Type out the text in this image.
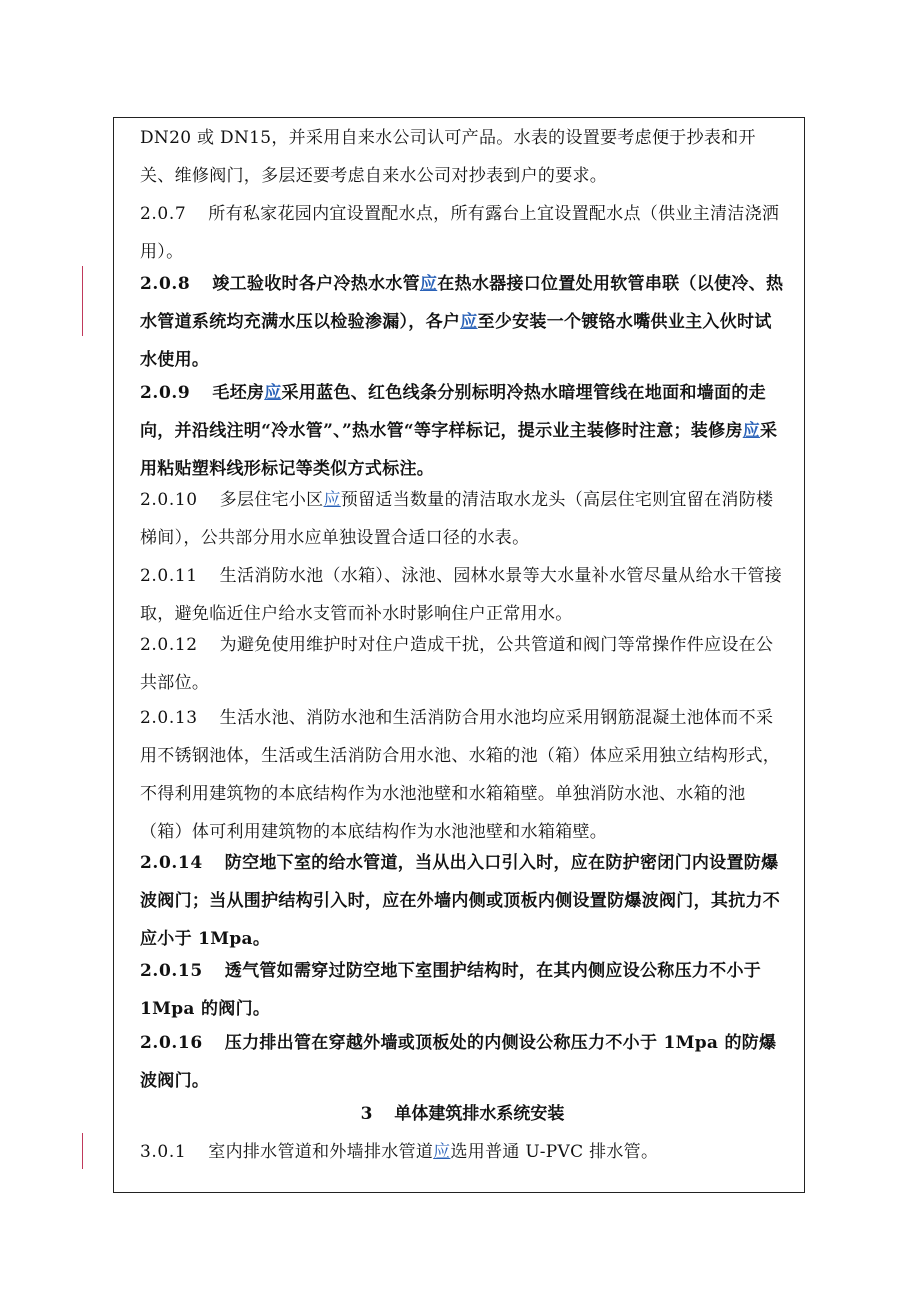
DN20 或 DN15，并采用自来水公司认可产品。水表的设置要考虑便于抄表和开关、维修阀门，多层还要考虑自来水公司对抄表到户的要求。
2.0.7 所有私家花园内宜设置配水点，所有露台上宜设置配水点（供业主清洁浇洒用）。
2.0.8 竣工验收时各户冷热水水管应在热水器接口位置处用软管串联（以使冷、热水管道系统均充满水压以检验渗漏），各户应至少安装一个镀铬水嘴供业主入伙时试水使用。
2.0.9 毛坯房应采用蓝色、红色线条分别标明冷热水暗埋管线在地面和墙面的走向，并沿线注明“冷水管”、”热水管“等字样标记，提示业主装修时注意；装修房应采用粘贴塑料线形标记等类似方式标注。
2.0.10 多层住宅小区应预留适当数量的清洁取水龙头（高层住宅则宜留在消防楼梯间），公共部分用水应单独设置合适口径的水表。
2.0.11 生活消防水池（水箱）、泳池、园林水景等大水量补水管尽量从给水干管接取，避免临近住户给水支管而补水时影响住户正常用水。
2.0.12 为避免使用维护时对住户造成干扰，公共管道和阀门等常操作件应设在公共部位。
2.0.13 生活水池、消防水池和生活消防合用水池均应采用钢筋混凝土池体而不采用不锈钢池体，生活或生活消防合用水池、水箱的池（箱）体应采用独立结构形式，不得利用建筑物的本底结构作为水池池壁和水箱箱壁。单独消防水池、水箱的池（箱）体可利用建筑物的本底结构作为水池池壁和水箱箱壁。
2.0.14 防空地下室的给水管道，当从出入口引入时，应在防护密闭门内设置防爆波阀门；当从围护结构引入时，应在外墙内侧或顶板内侧设置防爆波阀门，其抗力不应小于 1Mpa。
2.0.15 透气管如需穿过防空地下室围护结构时，在其内侧应设公称压力不小于 1Mpa 的阀门。
2.0.16 压力排出管在穿越外墙或顶板处的内侧设公称压力不小于 1Mpa 的防爆波阀门。
3 单体建筑排水系统安装
3.0.1 室内排水管道和外墙排水管道应选用普通 U-PVC 排水管。
